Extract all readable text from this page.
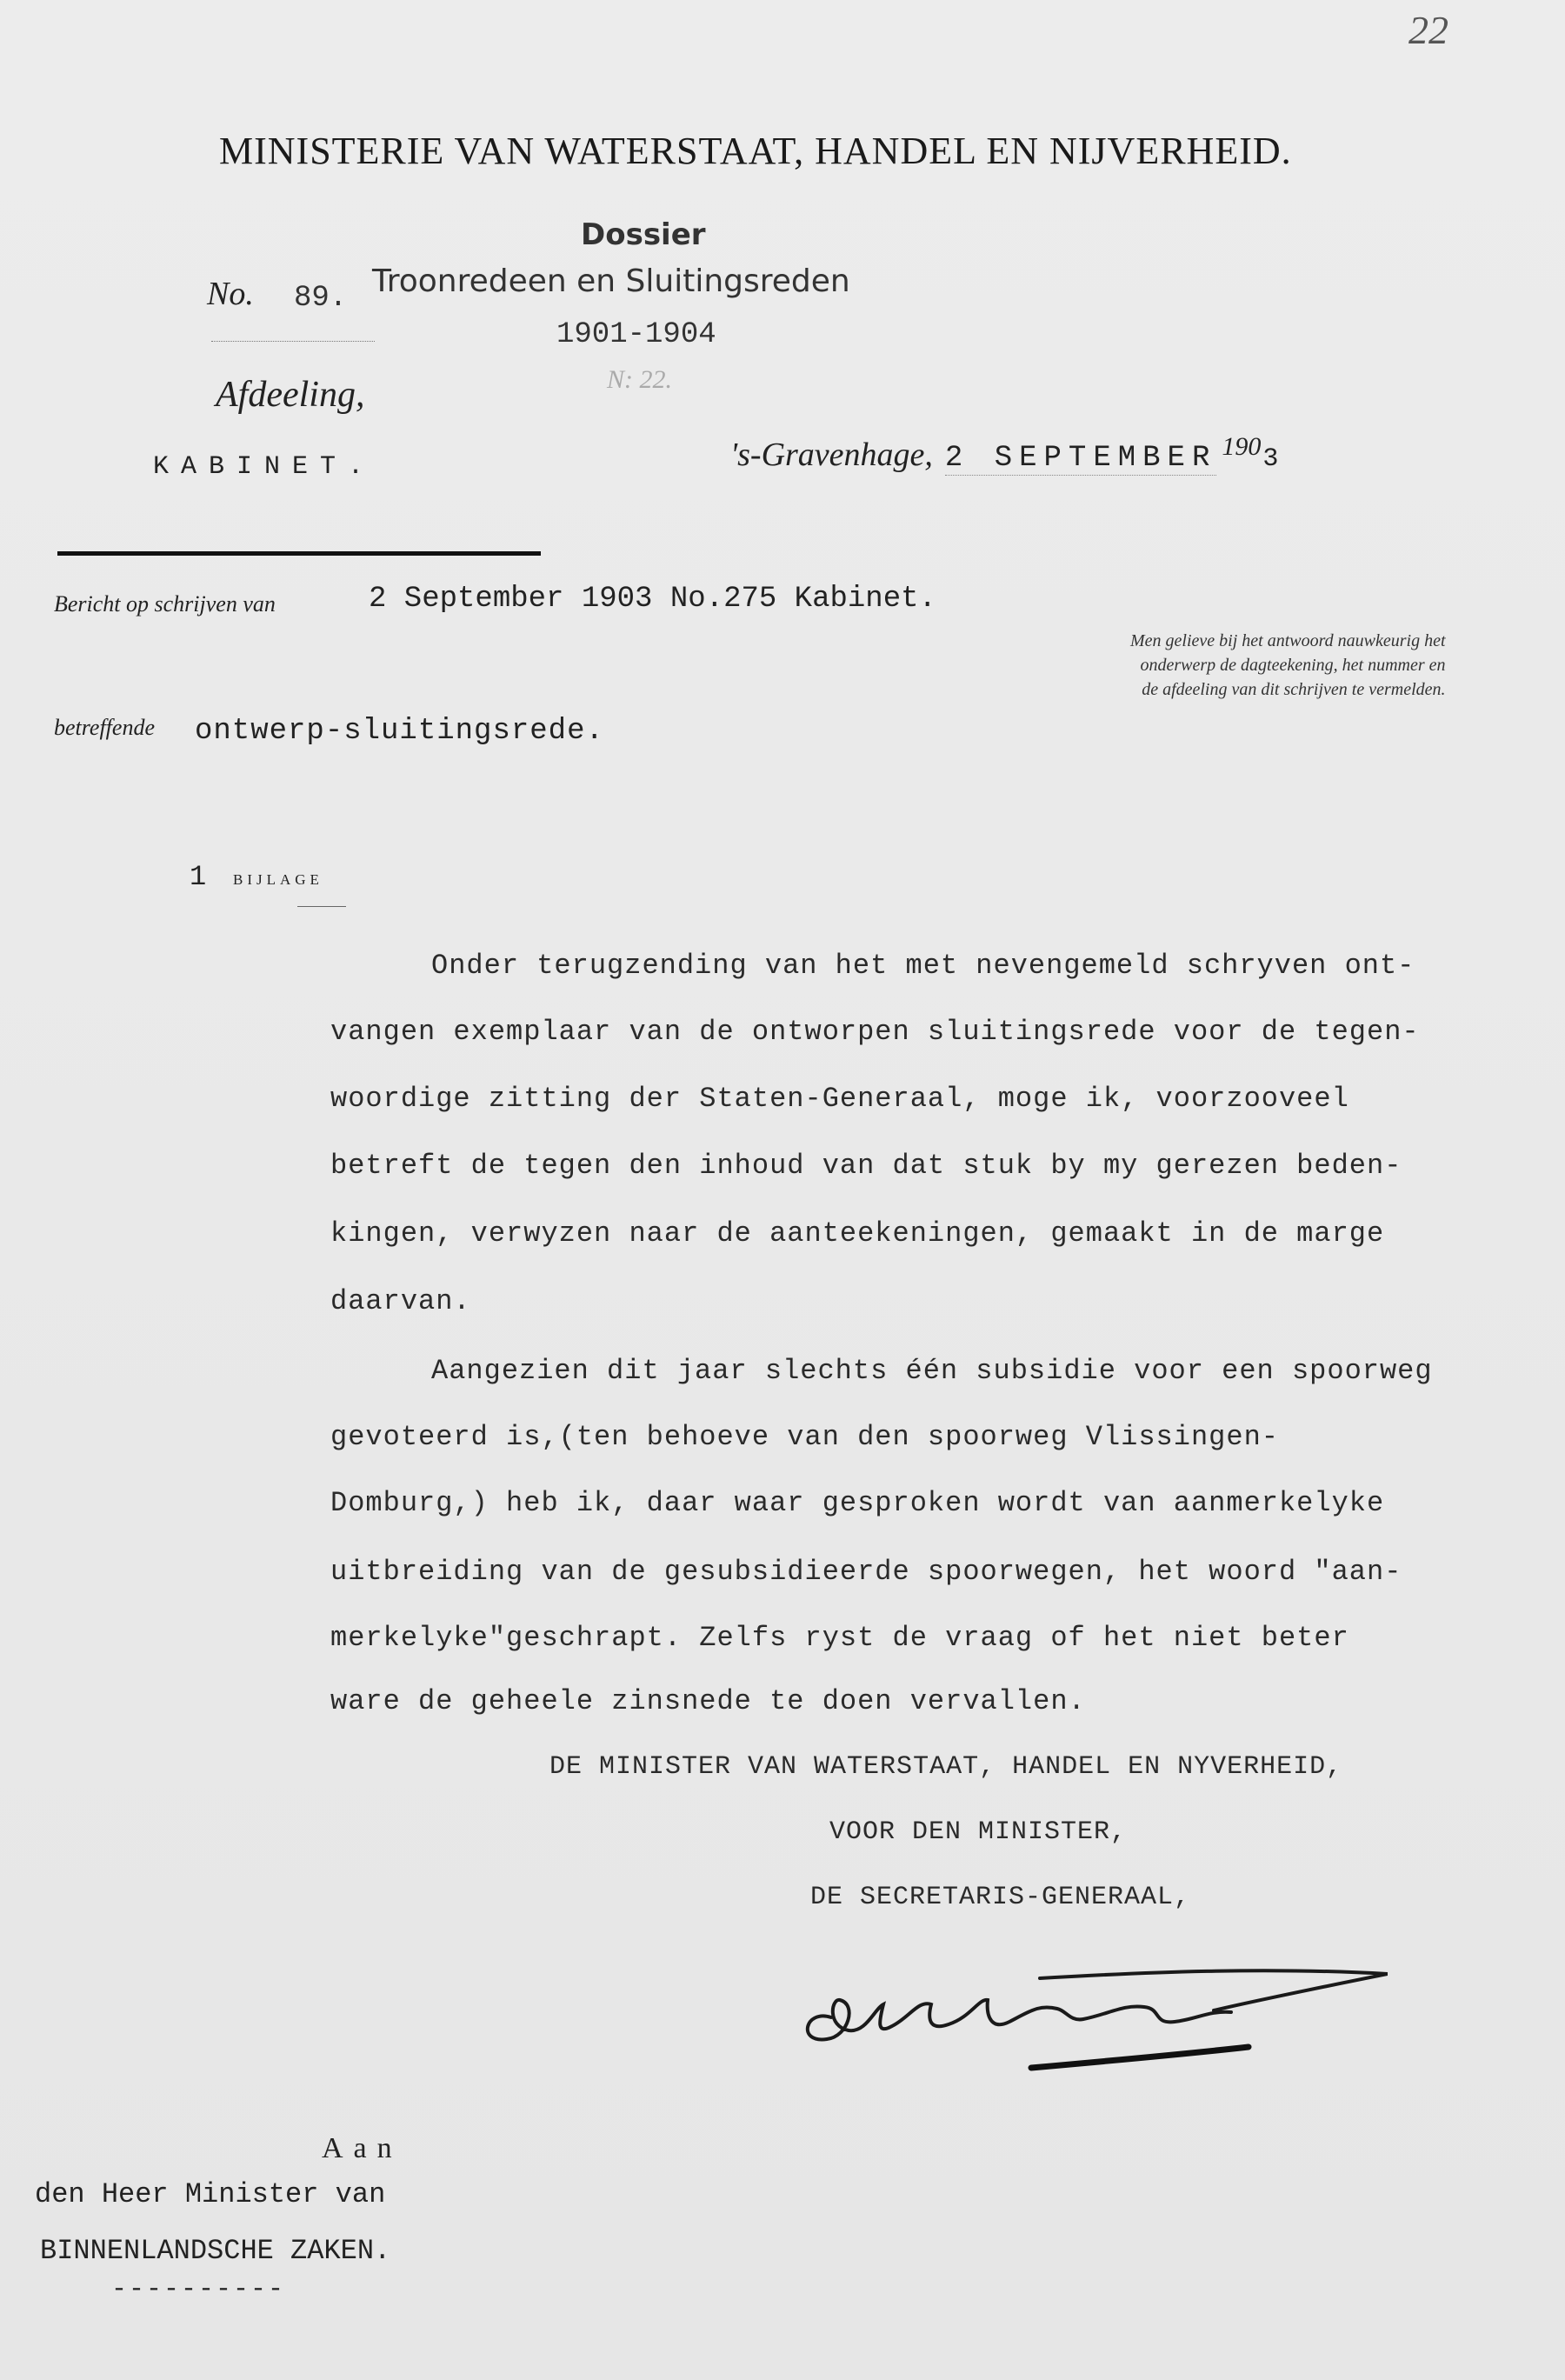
22
MINISTERIE VAN WATERSTAAT, HANDEL EN NIJVERHEID.
Dossier
No. 89. Troonredeen en Sluitingsreden
1901-1904
N: 22.
Afdeeling,
KABINET.	's-Gravenhage, 2 SEPTEMBER 1903
Bericht op schrijven van	2 September 1903 No.275 Kabinet.
Men gelieve bij het antwoord nauwkeurig het
onderwerp de dagteekening, het nummer en
de afdeeling van dit schrijven te vermelden.
betreffende ontwerp-sluitingsrede.
1 BIJLAGE
Onder terugzending van het met nevengemeld schryven ont-
vangen exemplaar van de ontworpen sluitingsrede voor de tegen-
woordige zitting der Staten-Generaal, moge ik, voorzooveel
betreft de tegen den inhoud van dat stuk by my gerezen beden-
kingen, verwyzen naar de aanteekeningen, gemaakt in de marge
daarvan.
Aangezien dit jaar slechts één subsidie voor een spoorweg
gevoteerd is,(ten behoeve van den spoorweg Vlissingen-
Domburg,) heb ik, daar waar gesproken wordt van aanmerkelyke
uitbreiding van de gesubsidieerde spoorwegen, het woord "aan-
merkelyke"geschrapt. Zelfs ryst de vraag of het niet beter
ware de geheele zinsnede te doen vervallen.
DE MINISTER VAN WATERSTAAT, HANDEL EN NYVERHEID,
VOOR DEN MINISTER,
DE SECRETARIS-GENERAAL,
Aan
den Heer Minister van
BINNENLANDSCHE ZAKEN.
----------
